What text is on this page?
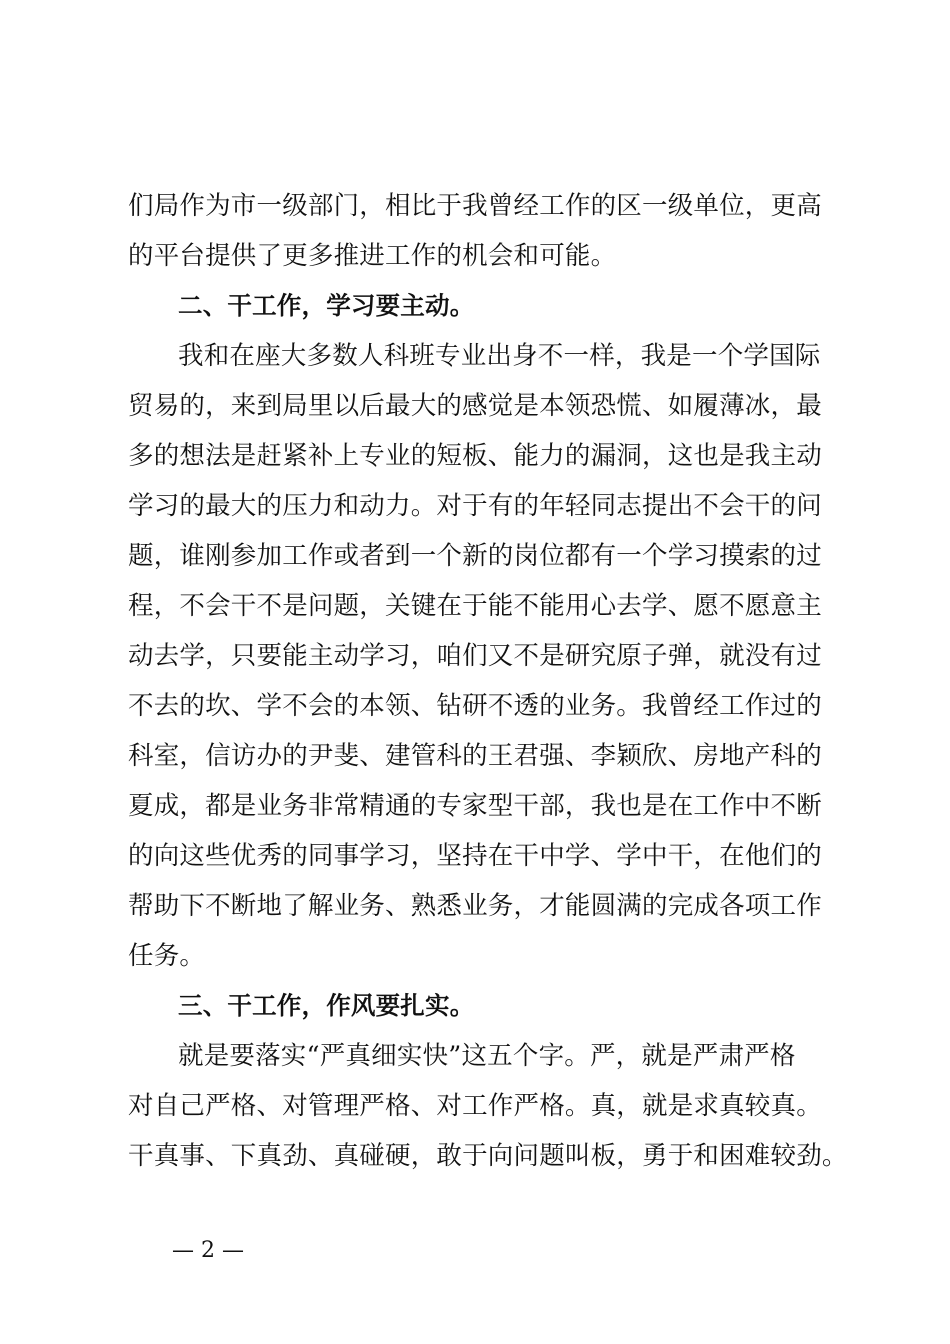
们局作为市一级部门，相比于我曾经工作的区一级单位，更高
的平台提供了更多推进工作的机会和可能。
二、干工作，学习要主动。
我和在座大多数人科班专业出身不一样，我是一个学国际
贸易的，来到局里以后最大的感觉是本领恐慌、如履薄冰，最
多的想法是赶紧补上专业的短板、能力的漏洞，这也是我主动
学习的最大的压力和动力。对于有的年轻同志提出不会干的问
题，谁刚参加工作或者到一个新的岗位都有一个学习摸索的过
程，不会干不是问题，关键在于能不能用心去学、愿不愿意主
动去学，只要能主动学习，咱们又不是研究原子弹，就没有过
不去的坎、学不会的本领、钻研不透的业务。我曾经工作过的
科室，信访办的尹斐、建管科的王君强、李颖欣、房地产科的
夏成，都是业务非常精通的专家型干部，我也是在工作中不断
的向这些优秀的同事学习，坚持在干中学、学中干，在他们的
帮助下不断地了解业务、熟悉业务，才能圆满的完成各项工作
任务。
三、干工作，作风要扎实。
就是要落实“严真细实快”这五个字。严，就是严肃严格
对自己严格、对管理严格、对工作严格。真，就是求真较真。
干真事、下真劲、真碰硬，敢于向问题叫板，勇于和困难较劲。
— 2 —
